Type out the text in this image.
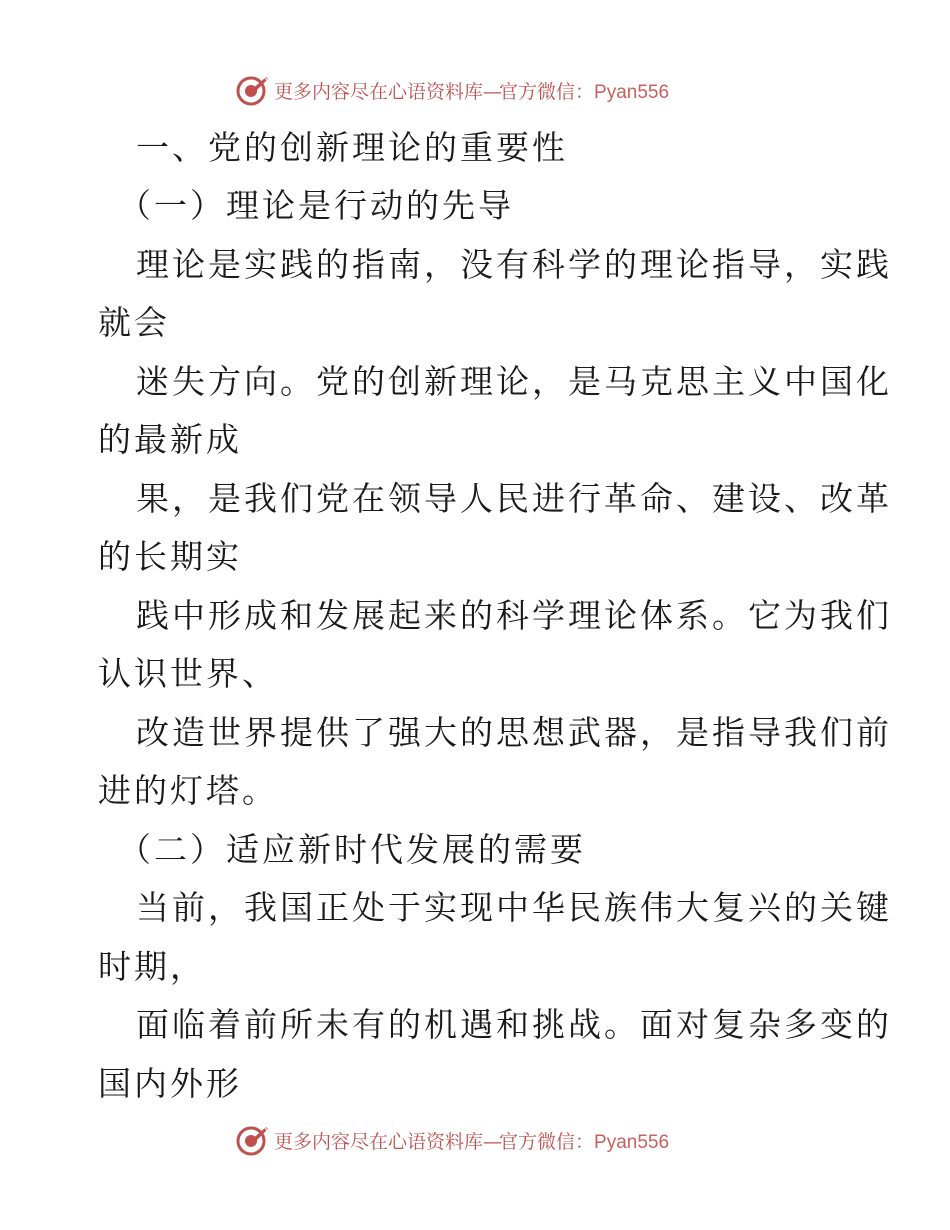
更多内容尽在心语资料库—官方微信：Pyan556
一、党的创新理论的重要性
（一）理论是行动的先导
理论是实践的指南，没有科学的理论指导，实践
就会
迷失方向。党的创新理论，是马克思主义中国化
的最新成
果，是我们党在领导人民进行革命、建设、改革
的长期实
践中形成和发展起来的科学理论体系。它为我们
认识世界、
改造世界提供了强大的思想武器，是指导我们前
进的灯塔。
（二）适应新时代发展的需要
当前，我国正处于实现中华民族伟大复兴的关键
时期，
面临着前所未有的机遇和挑战。面对复杂多变的
国内外形
更多内容尽在心语资料库—官方微信：Pyan556
